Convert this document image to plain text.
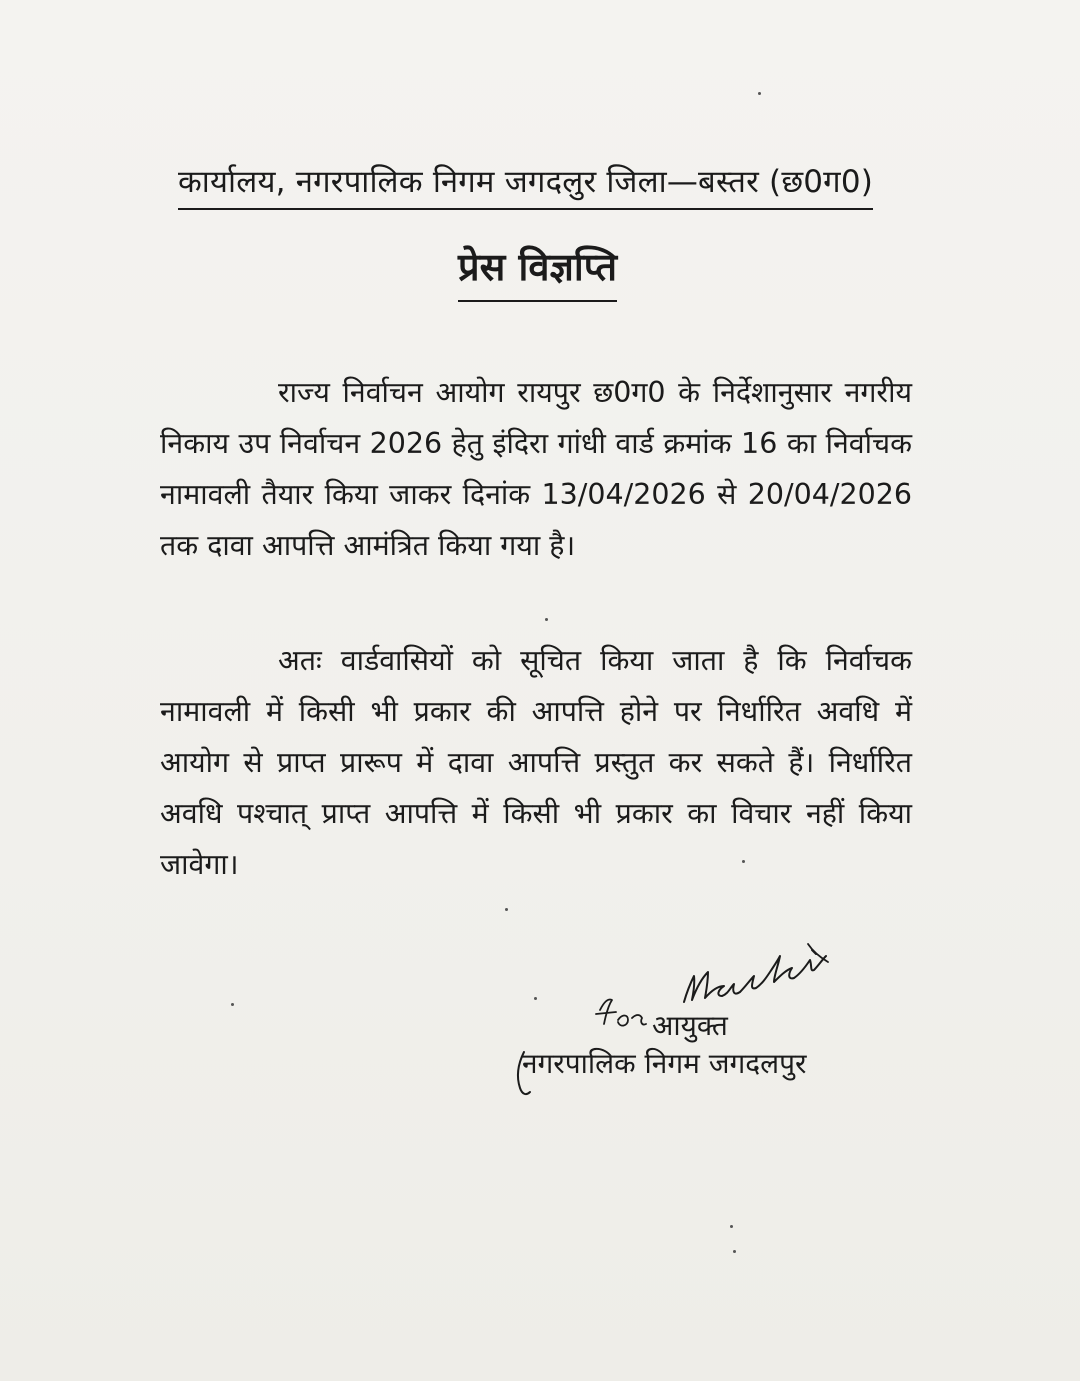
कार्यालय, नगरपालिक निगम जगदलुर जिला—बस्तर (छ0ग0)
प्रेस विज्ञप्ति

राज्य निर्वाचन आयोग रायपुर छ0ग0 के निर्देशानुसार नगरीय निकाय उप निर्वाचन 2026 हेतु इंदिरा गांधी वार्ड क्रमांक 16 का निर्वाचक नामावली तैयार किया जाकर दिनांक 13/04/2026 से 20/04/2026 तक दावा आपत्ति आमंत्रित किया गया है।

अतः वार्डवासियों को सूचित किया जाता है कि निर्वाचक नामावली में किसी भी प्रकार की आपत्ति होने पर निर्धारित अवधि में आयोग से प्राप्त प्रारूप में दावा आपत्ति प्रस्तुत कर सकते हैं। निर्धारित अवधि पश्चात् प्राप्त आपत्ति में किसी भी प्रकार का विचार नहीं किया जावेगा।

आयुक्त
नगरपालिक निगम जगदलपुर
